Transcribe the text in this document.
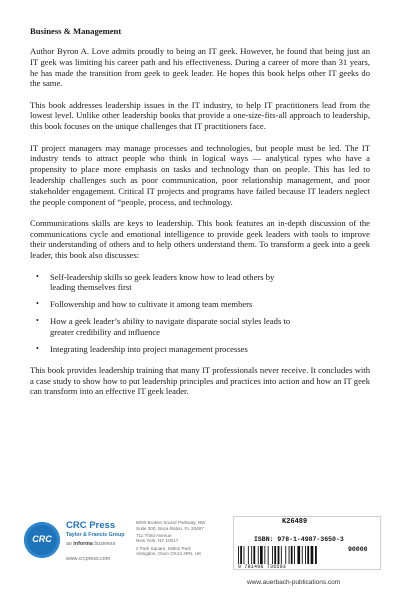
Business & Management

Author Byron A. Love admits proudly to being an IT geek. However, he found that being just an IT geek was limiting his career path and his effectiveness. During a career of more than 31 years, he has made the transition from geek to geek leader. He hopes this book helps other IT geeks do the same.

This book addresses leadership issues in the IT industry, to help IT practitioners lead from the lowest level. Unlike other leadership books that provide a one-size-fits-all approach to leadership, this book focuses on the unique challenges that IT practitioners face.

IT project managers may manage processes and technologies, but people must be led. The IT industry tends to attract people who think in logical ways — analytical types who have a propensity to place more emphasis on tasks and technology than on people. This has led to leadership challenges such as poor communication, poor relationship management, and poor stakeholder engagement. Critical IT projects and programs have failed because IT leaders neglect the people component of “people, process, and technology.

Communications skills are keys to leadership. This book features an in-depth discussion of the communications cycle and emotional intelligence to provide geek leaders with tools to improve their understanding of others and to help others understand them. To transform a geek into a geek leader, this book also discusses:

• Self-leadership skills so geek leaders know how to lead others by leading themselves first
• Followership and how to cultivate it among team members
• How a geek leader’s ability to navigate disparate social styles leads to greater credibility and influence
• Integrating leadership into project management processes

This book provides leadership training that many IT professionals never receive. It concludes with a case study to show how to put leadership principles and practices into action and how an IT geek can transform into an effective IT geek leader.

CRC
CRC Press
Taylor & Francis Group
an informa business
www.crcpress.com
6000 Broken Sound Parkway, NW
Suite 300, Boca Raton, FL 33487
711 Third Avenue
New York, NY 10017
2 Park Square, Milton Park
Abingdon, Oxon OX14 4RN, UK
K26489
ISBN: 978-1-4987-3650-3
90000
9 781498 736503
www.auerbach-publications.com
